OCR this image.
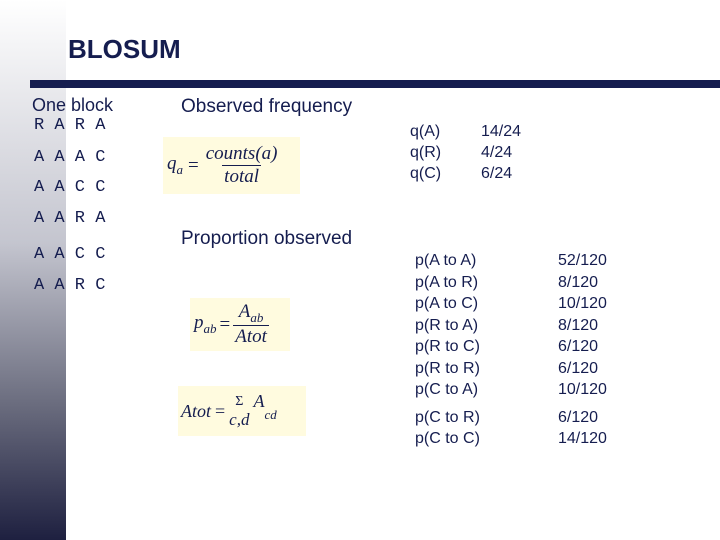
BLOSUM
One block
R A R A
A A A C
A A C C
A A R A
A A C C
A A R C
Observed frequency
Proportion observed
$q_a = \frac{\text{counts(a)}}{\text{total}}$
$p_{ab} = \frac{A_{ab}}{\text{Atot}}$
Atot = Σ
c,d
$A_{cd}$
q(A)
q(R)
q(C)
14/24
4/24
6/24
p(A to A)
p(A to R)
p(A to C)
p(R to A)
p(R to C)
p(R to R)
p(C to A)
p(C to R)
p(C to C)
52/120
8/120
10/120
8/120
6/120
6/120
10/120
6/120
14/120
